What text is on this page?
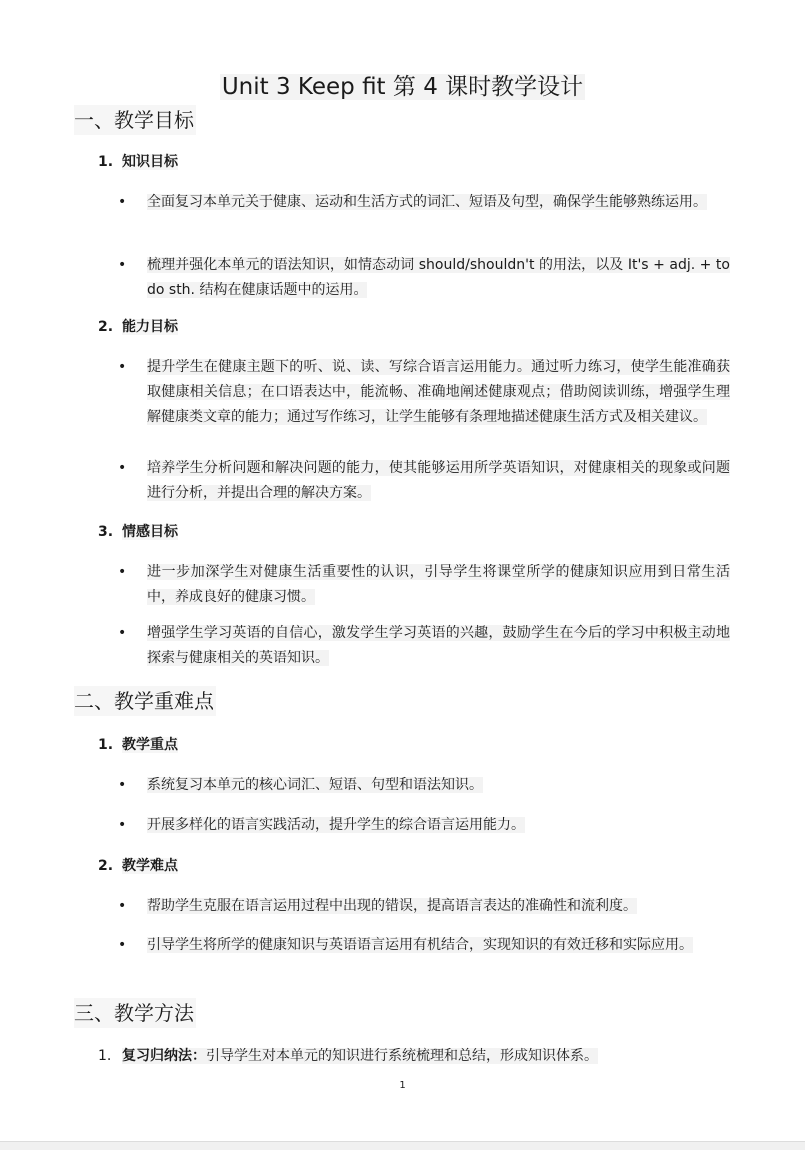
Unit 3 Keep fit 第 4 课时教学设计
一、教学目标
1. 知识目标
• 全面复习本单元关于健康、运动和生活方式的词汇、短语及句型，确保学生能够熟练运用。
• 梳理并强化本单元的语法知识，如情态动词 should/shouldn't 的用法，以及 It's + adj. + to do sth. 结构在健康话题中的运用。
2. 能力目标
• 提升学生在健康主题下的听、说、读、写综合语言运用能力。通过听力练习，使学生能准确获取健康相关信息；在口语表达中，能流畅、准确地阐述健康观点；借助阅读训练，增强学生理解健康类文章的能力；通过写作练习，让学生能够有条理地描述健康生活方式及相关建议。
• 培养学生分析问题和解决问题的能力，使其能够运用所学英语知识，对健康相关的现象或问题进行分析，并提出合理的解决方案。
3. 情感目标
• 进一步加深学生对健康生活重要性的认识，引导学生将课堂所学的健康知识应用到日常生活中，养成良好的健康习惯。
• 增强学生学习英语的自信心，激发学生学习英语的兴趣，鼓励学生在今后的学习中积极主动地探索与健康相关的英语知识。
二、教学重难点
1. 教学重点
• 系统复习本单元的核心词汇、短语、句型和语法知识。
• 开展多样化的语言实践活动，提升学生的综合语言运用能力。
2. 教学难点
• 帮助学生克服在语言运用过程中出现的错误，提高语言表达的准确性和流利度。
• 引导学生将所学的健康知识与英语语言运用有机结合，实现知识的有效迁移和实际应用。
三、教学方法
1. 复习归纳法：引导学生对本单元的知识进行系统梳理和总结，形成知识体系。
1
